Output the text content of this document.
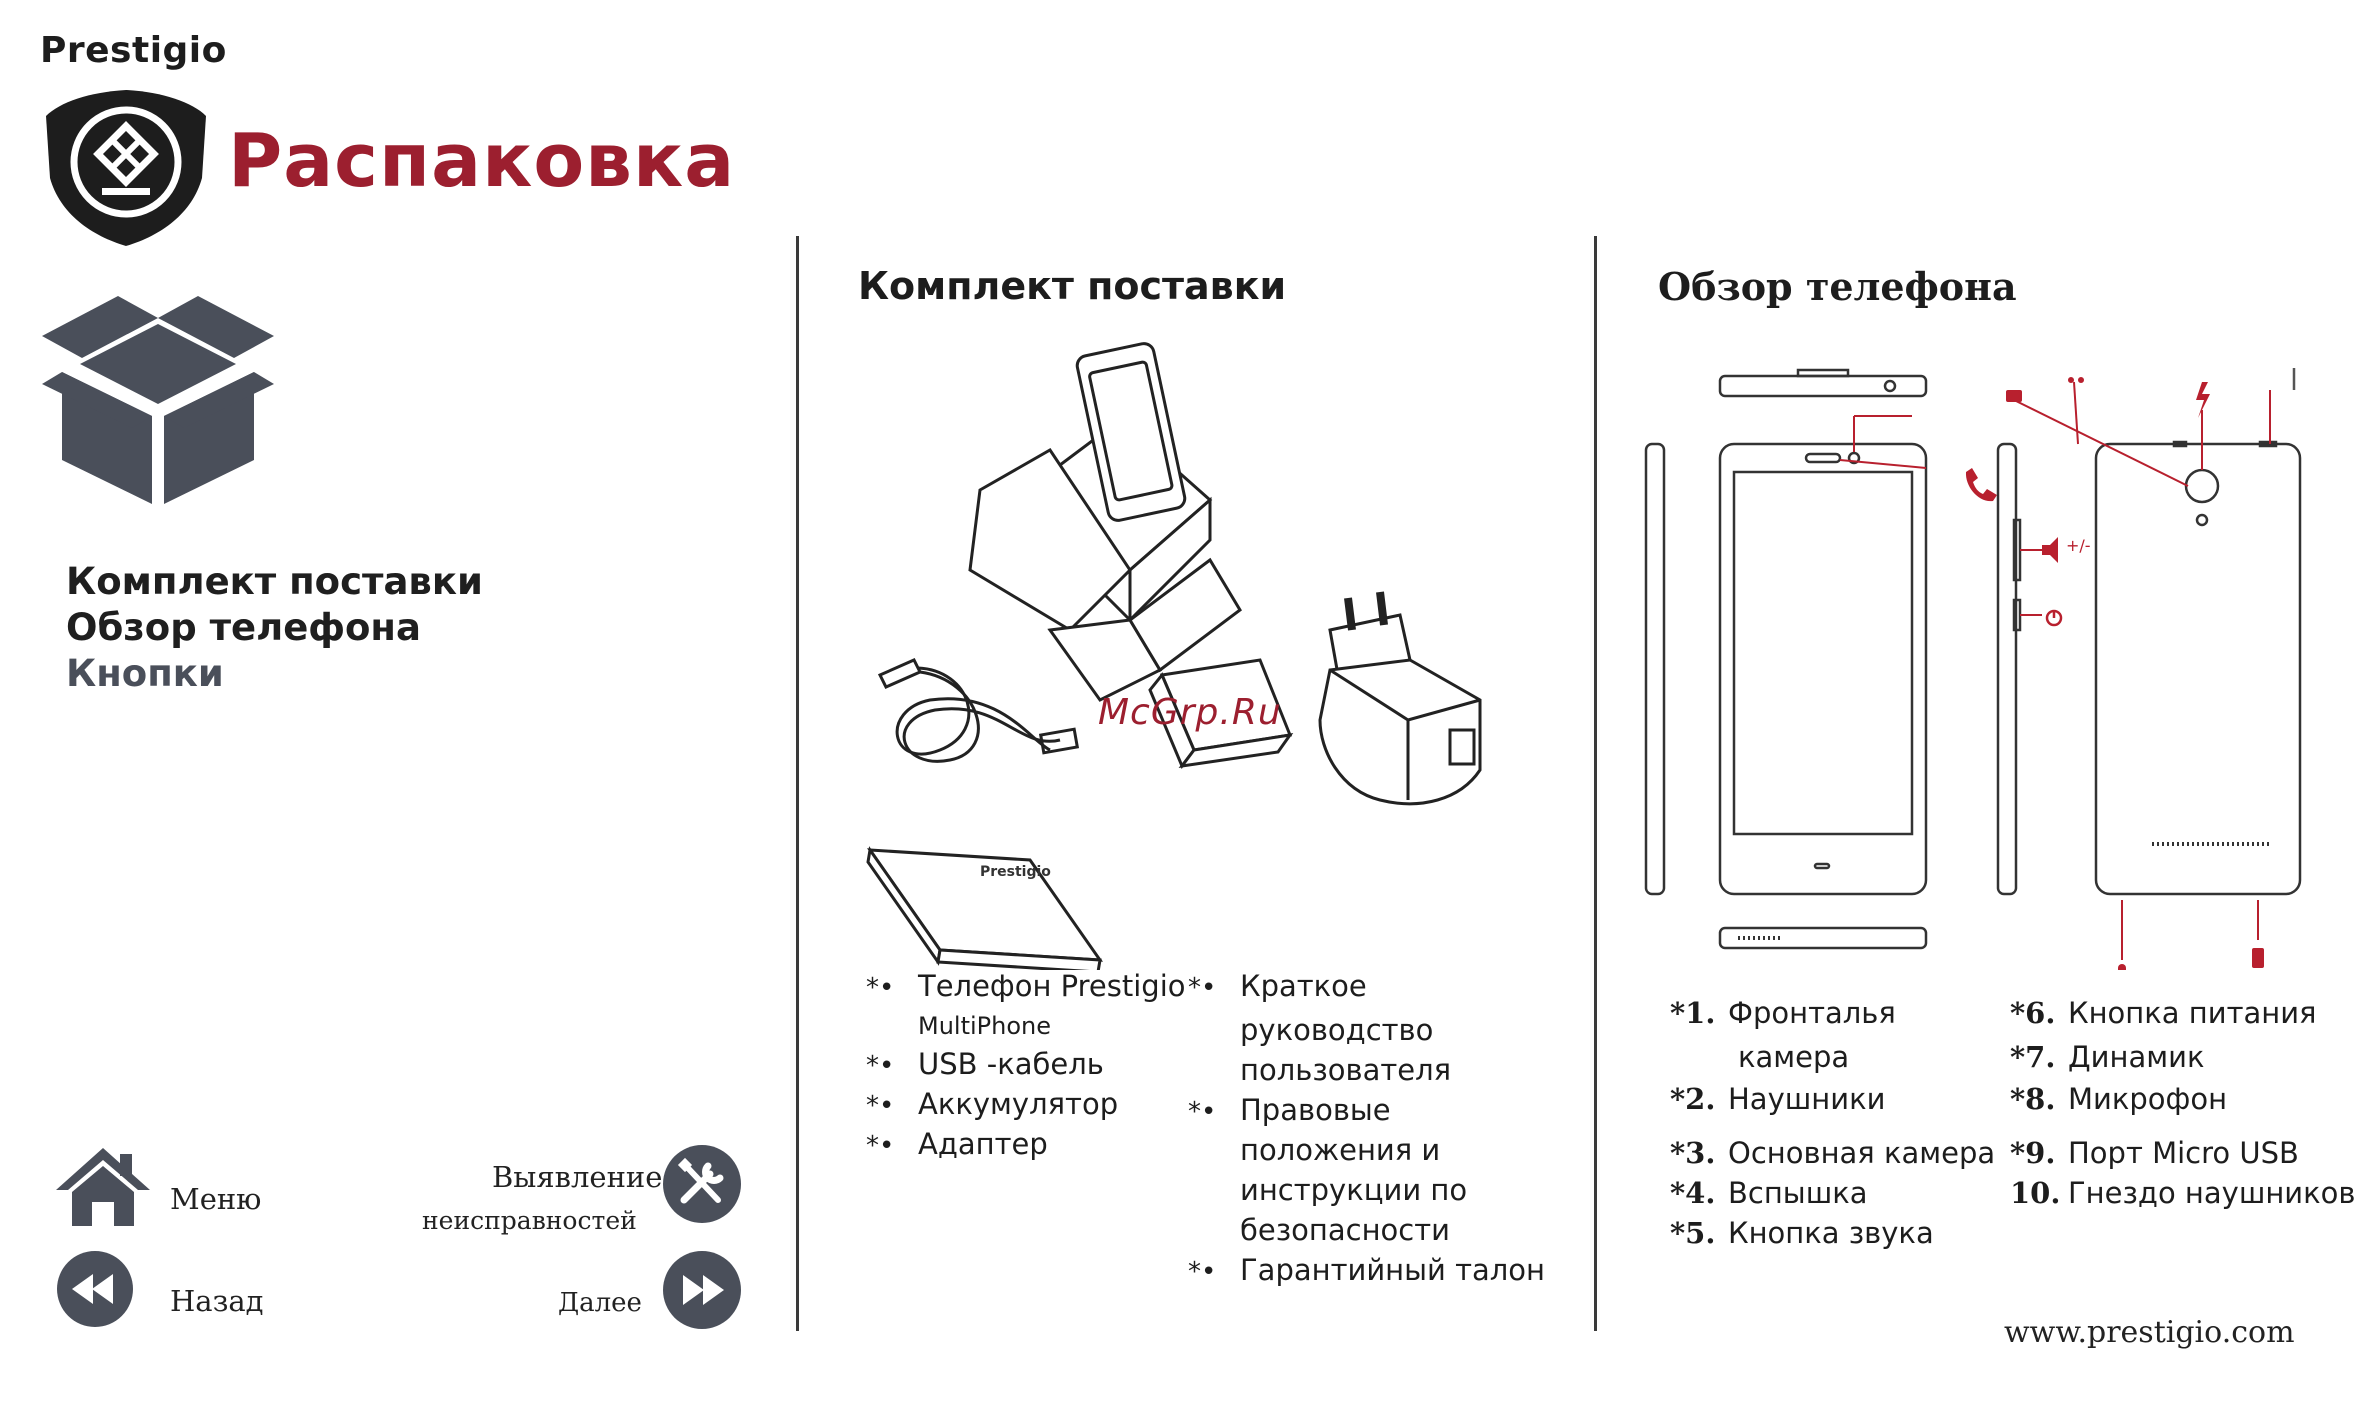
Prestigio
Распаковка
Комплект поставки
Обзор телефона
Кнопки
Меню
Назад
Выявление
неисправностей
Далее
Комплект поставки
Prestigio
McGrp.Ru
*• Телефон Prestigio
MultiPhone
*• USB -кабель
*• Аккумулятор
*• Адаптер
*• Краткое
руководство
пользователя
*• Правовые
положения и
инструкции по
безопасности
*• Гарантийный талон
Обзор телефона
+/-
*1. Фронталья
камера
*2. Наушники
*3. Основная камера
*4. Вспышка
*5. Кнопка звука
*6. Кнопка питания
*7. Динамик
*8. Микрофон
*9. Порт Micro USB
10. Гнездо наушников
www.prestigio.com
